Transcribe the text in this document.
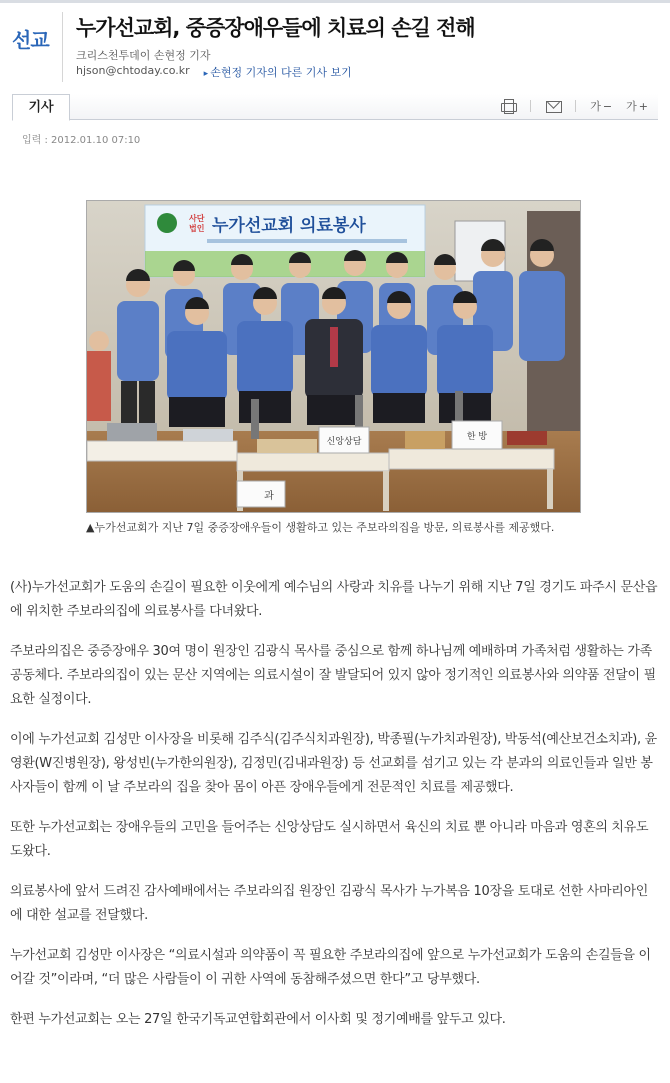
선교 누가선교회, 중증장애우들에 치료의 손길 전해
크리스천투데이 손현정 기자
hjson@chtoday.co.kr ▸ 손현정 기자의 다른 기사 보기
기사	가 − 가 +
입력 : 2012.01.10 07:10
사단
법인 누가선교회 의료봉사
신앙상담	한 방
과
▲누가선교회가 지난 7일 중증장애우들이 생활하고 있는 주보라의집을 방문, 의료봉사를 제공했다.

(사)누가선교회가 도움의 손길이 필요한 이웃에게 예수님의 사랑과 치유를 나누기 위해 지난 7일 경기도 파주시 문산읍에 위치한 주보라의집에 의료봉사를 다녀왔다.

주보라의집은 중증장애우 30여 명이 원장인 김광식 목사를 중심으로 함께 하나님께 예배하며 가족처럼 생활하는 가족공동체다. 주보라의집이 있는 문산 지역에는 의료시설이 잘 발달되어 있지 않아 정기적인 의료봉사와 의약품 전달이 필요한 실정이다.

이에 누가선교회 김성만 이사장을 비롯해 김주식(김주식치과원장), 박종필(누가치과원장), 박동석(예산보건소치과), 윤영환(W진병원장), 왕성빈(누가한의원장), 김정민(김내과원장) 등 선교회를 섬기고 있는 각 분과의 의료인들과 일반 봉사자들이 함께 이 날 주보라의 집을 찾아 몸이 아픈 장애우들에게 전문적인 치료를 제공했다.

또한 누가선교회는 장애우들의 고민을 들어주는 신앙상담도 실시하면서 육신의 치료 뿐 아니라 마음과 영혼의 치유도 도왔다.

의료봉사에 앞서 드려진 감사예배에서는 주보라의집 원장인 김광식 목사가 누가복음 10장을 토대로 선한 사마리아인에 대한 설교를 전달했다.

누가선교회 김성만 이사장은 “의료시설과 의약품이 꼭 필요한 주보라의집에 앞으로 누가선교회가 도움의 손길들을 이어갈 것”이라며, “더 많은 사람들이 이 귀한 사역에 동참해주셨으면 한다”고 당부했다.

한편 누가선교회는 오는 27일 한국기독교연합회관에서 이사회 및 정기예배를 앞두고 있다.
